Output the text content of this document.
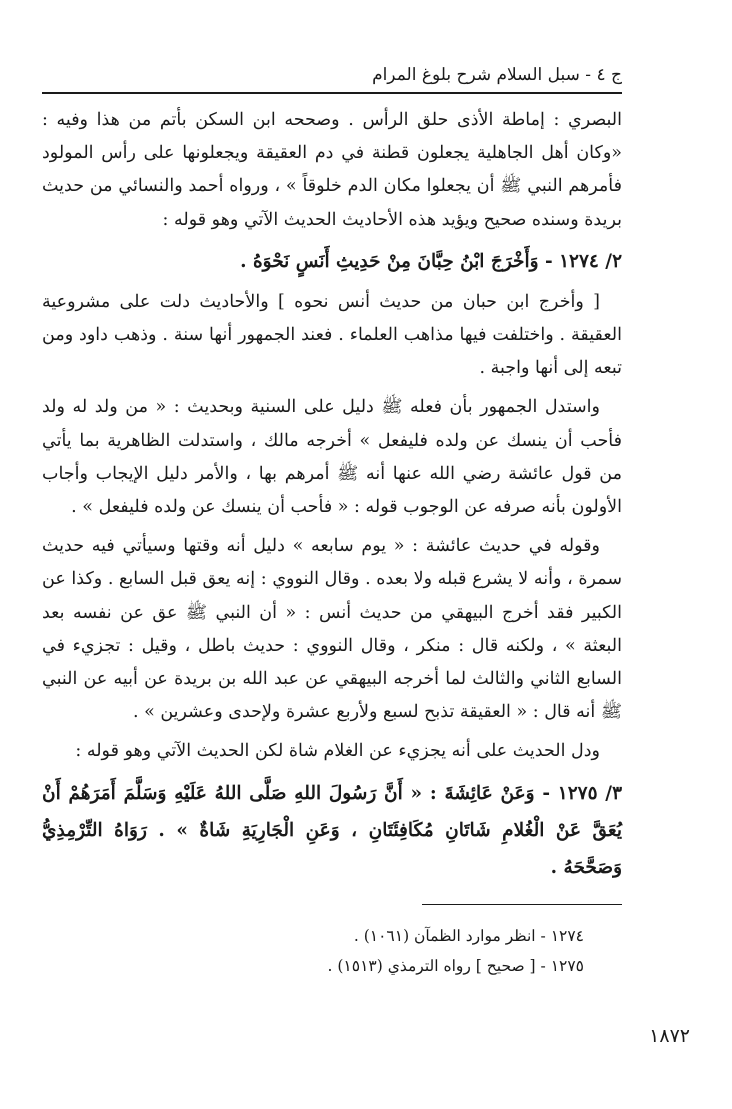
ج ٤ - سبل السلام شرح بلوغ المرام

البصري : إماطة الأذى حلق الرأس . وصححه ابن السكن بأتم من هذا وفيه : «وكان أهل الجاهلية يجعلون قطنة في دم العقيقة ويجعلونها على رأس المولود فأمرهم النبي ﷺ أن يجعلوا مكان الدم خلوقاً » ، ورواه أحمد والنسائي من حديث بريدة وسنده صحيح ويؤيد هذه الأحاديث الحديث الآتي وهو قوله :

٢/ ١٢٧٤ - وَأَخْرَجَ ابْنُ حِبَّانَ مِنْ حَدِيثِ أَنَسٍ نَحْوَهُ .

[ وأخرج ابن حبان من حديث أنس نحوه ] والأحاديث دلت على مشروعية العقيقة . واختلفت فيها مذاهب العلماء . فعند الجمهور أنها سنة . وذهب داود ومن تبعه إلى أنها واجبة .

واستدل الجمهور بأن فعله ﷺ دليل على السنية وبحديث : « من ولد له ولد فأحب أن ينسك عن ولده فليفعل » أخرجه مالك ، واستدلت الظاهرية بما يأتي من قول عائشة رضي الله عنها أنه ﷺ أمرهم بها ، والأمر دليل الإيجاب وأجاب الأولون بأنه صرفه عن الوجوب قوله : « فأحب أن ينسك عن ولده فليفعل » .

وقوله في حديث عائشة : « يوم سابعه » دليل أنه وقتها وسيأتي فيه حديث سمرة ، وأنه لا يشرع قبله ولا بعده . وقال النووي : إنه يعق قبل السابع . وكذا عن الكبير فقد أخرج البيهقي من حديث أنس : « أن النبي ﷺ عق عن نفسه بعد البعثة » ، ولكنه قال : منكر ، وقال النووي : حديث باطل ، وقيل : تجزيء في السابع الثاني والثالث لما أخرجه البيهقي عن عبد الله بن بريدة عن أبيه عن النبي ﷺ أنه قال : « العقيقة تذبح لسبع ولأربع عشرة ولإحدى وعشرين » .

ودل الحديث على أنه يجزيء عن الغلام شاة لكن الحديث الآتي وهو قوله :

٣/ ١٢٧٥ - وَعَنْ عَائِشَةَ : « أَنَّ رَسُولَ اللهِ صَلَّى اللهُ عَلَيْهِ وَسَلَّمَ أَمَرَهُمْ أَنْ يُعَقَّ عَنْ الْغُلامِ شَاتَانِ مُكَافِئَتَانِ ، وَعَنِ الْجَارِيَةِ شَاةٌ » . رَوَاهُ التِّرْمِذِيُّ وَصَحَّحَهُ .

١٢٧٤ - انظر موارد الظمآن (١٠٦١) .

١٢٧٥ - [ صحيح ] رواه الترمذي (١٥١٣) .

١٨٧٢
